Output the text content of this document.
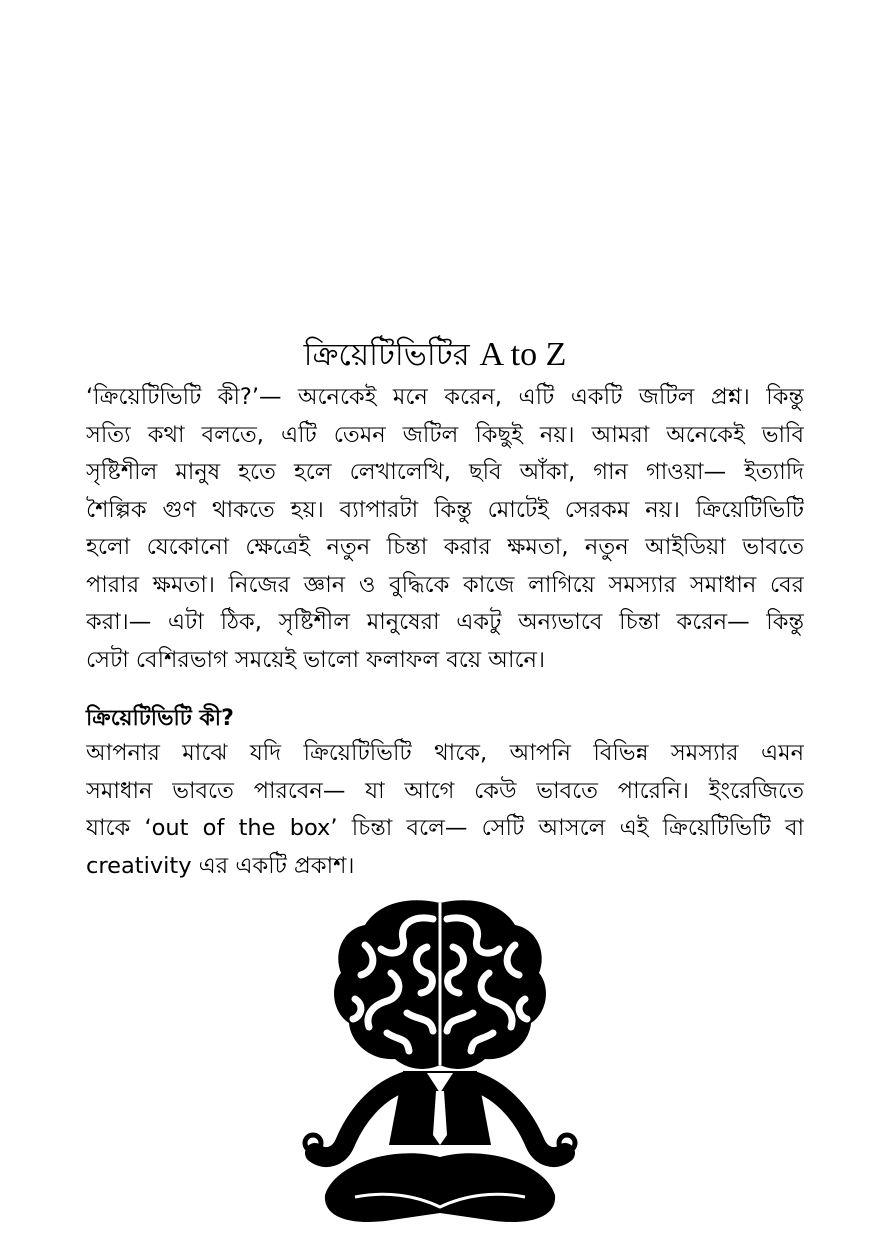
ক্রিয়েটিভিটির A to Z
‘ক্রিয়েটিভিটি কী?’— অনেকেই মনে করেন, এটি একটি জটিল প্রশ্ন। কিন্তু
সত্যি কথা বলতে, এটি তেমন জটিল কিছুই নয়। আমরা অনেকেই ভাবি
সৃষ্টিশীল মানুষ হতে হলে লেখালেখি, ছবি আঁকা, গান গাওয়া— ইত্যাদি
শৈল্পিক গুণ থাকতে হয়। ব্যাপারটা কিন্তু মোটেই সেরকম নয়। ক্রিয়েটিভিটি
হলো যেকোনো ক্ষেত্রেই নতুন চিন্তা করার ক্ষমতা, নতুন আইডিয়া ভাবতে
পারার ক্ষমতা। নিজের জ্ঞান ও বুদ্ধিকে কাজে লাগিয়ে সমস্যার সমাধান বের
করা।— এটা ঠিক, সৃষ্টিশীল মানুষেরা একটু অন্যভাবে চিন্তা করেন— কিন্তু
সেটা বেশিরভাগ সময়েই ভালো ফলাফল বয়ে আনে।
ক্রিয়েটিভিটি কী?
আপনার মাঝে যদি ক্রিয়েটিভিটি থাকে, আপনি বিভিন্ন সমস্যার এমন
সমাধান ভাবতে পারবেন— যা আগে কেউ ভাবতে পারেনি। ইংরেজিতে
যাকে ‘out of the box’ চিন্তা বলে— সেটি আসলে এই ক্রিয়েটিভিটি বা
creativity এর একটি প্রকাশ।
